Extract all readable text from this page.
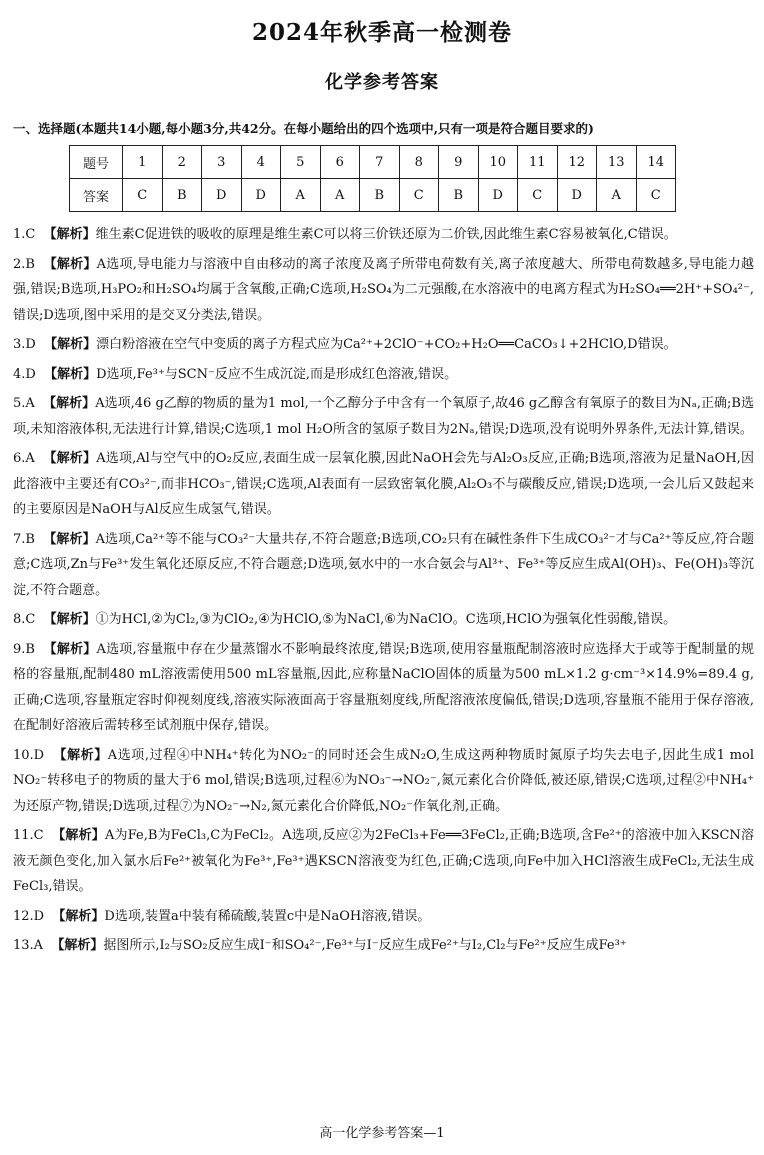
2024年秋季高一检测卷
化学参考答案
一、选择题(本题共14小题,每小题3分,共42分。在每小题给出的四个选项中,只有一项是符合题目要求的)
题号	1	2	3	4	5	6	7	8	9	10	11	12	13	14
答案	C	B	D	D	A	A	B	C	B	D	C	D	A	C
1.C 【解析】维生素C促进铁的吸收的原理是维生素C可以将三价铁还原为二价铁,因此维生素C容易被氧化,C错误。
2.B 【解析】A选项,导电能力与溶液中自由移动的离子浓度及离子所带电荷数有关,离子浓度越大、所带电荷数越多,导电能力越强,错误;B选项,H₃PO₂和H₂SO₄均属于含氧酸,正确;C选项,H₂SO₄为二元强酸,在水溶液中的电离方程式为H₂SO₄══2H⁺+SO₄²⁻,错误;D选项,图中采用的是交叉分类法,错误。
3.D 【解析】漂白粉溶液在空气中变质的离子方程式应为Ca²⁺+2ClO⁻+CO₂+H₂O══CaCO₃↓+2HClO,D错误。
4.D 【解析】D选项,Fe³⁺与SCN⁻反应不生成沉淀,而是形成红色溶液,错误。
5.A 【解析】A选项,46 g乙醇的物质的量为1 mol,一个乙醇分子中含有一个氧原子,故46 g乙醇含有氧原子的数目为Nₐ,正确;B选项,未知溶液体积,无法进行计算,错误;C选项,1 mol H₂O所含的氢原子数目为2Nₐ,错误;D选项,没有说明外界条件,无法计算,错误。
6.A 【解析】A选项,Al与空气中的O₂反应,表面生成一层氧化膜,因此NaOH会先与Al₂O₃反应,正确;B选项,溶液为足量NaOH,因此溶液中主要还有CO₃²⁻,而非HCO₃⁻,错误;C选项,Al表面有一层致密氧化膜,Al₂O₃不与碳酸反应,错误;D选项,一会儿后又鼓起来的主要原因是NaOH与Al反应生成氢气,错误。
7.B 【解析】A选项,Ca²⁺等不能与CO₃²⁻大量共存,不符合题意;B选项,CO₂只有在碱性条件下生成CO₃²⁻才与Ca²⁺等反应,符合题意;C选项,Zn与Fe³⁺发生氧化还原反应,不符合题意;D选项,氨水中的一水合氨会与Al³⁺、Fe³⁺等反应生成Al(OH)₃、Fe(OH)₃等沉淀,不符合题意。
8.C 【解析】①为HCl,②为Cl₂,③为ClO₂,④为HClO,⑤为NaCl,⑥为NaClO。C选项,HClO为强氧化性弱酸,错误。
9.B 【解析】A选项,容量瓶中存在少量蒸馏水不影响最终浓度,错误;B选项,使用容量瓶配制溶液时应选择大于或等于配制量的规格的容量瓶,配制480 mL溶液需使用500 mL容量瓶,因此,应称量NaClO固体的质量为500 mL×1.2 g·cm⁻³×14.9%=89.4 g,正确;C选项,容量瓶定容时仰视刻度线,溶液实际液面高于容量瓶刻度线,所配溶液浓度偏低,错误;D选项,容量瓶不能用于保存溶液,在配制好溶液后需转移至试剂瓶中保存,错误。
10.D 【解析】A选项,过程④中NH₄⁺转化为NO₂⁻的同时还会生成N₂O,生成这两种物质时氮原子均失去电子,因此生成1 mol NO₂⁻转移电子的物质的量大于6 mol,错误;B选项,过程⑥为NO₃⁻→NO₂⁻,氮元素化合价降低,被还原,错误;C选项,过程②中NH₄⁺为还原产物,错误;D选项,过程⑦为NO₂⁻→N₂,氮元素化合价降低,NO₂⁻作氧化剂,正确。
11.C 【解析】A为Fe,B为FeCl₃,C为FeCl₂。A选项,反应②为2FeCl₃+Fe══3FeCl₂,正确;B选项,含Fe²⁺的溶液中加入KSCN溶液无颜色变化,加入氯水后Fe²⁺被氧化为Fe³⁺,Fe³⁺遇KSCN溶液变为红色,正确;C选项,向Fe中加入HCl溶液生成FeCl₂,无法生成FeCl₃,错误。
12.D 【解析】D选项,装置a中装有稀硫酸,装置c中是NaOH溶液,错误。
13.A 【解析】据图所示,I₂与SO₂反应生成I⁻和SO₄²⁻,Fe³⁺与I⁻反应生成Fe²⁺与I₂,Cl₂与Fe²⁺反应生成Fe³⁺
高一化学参考答案—1
